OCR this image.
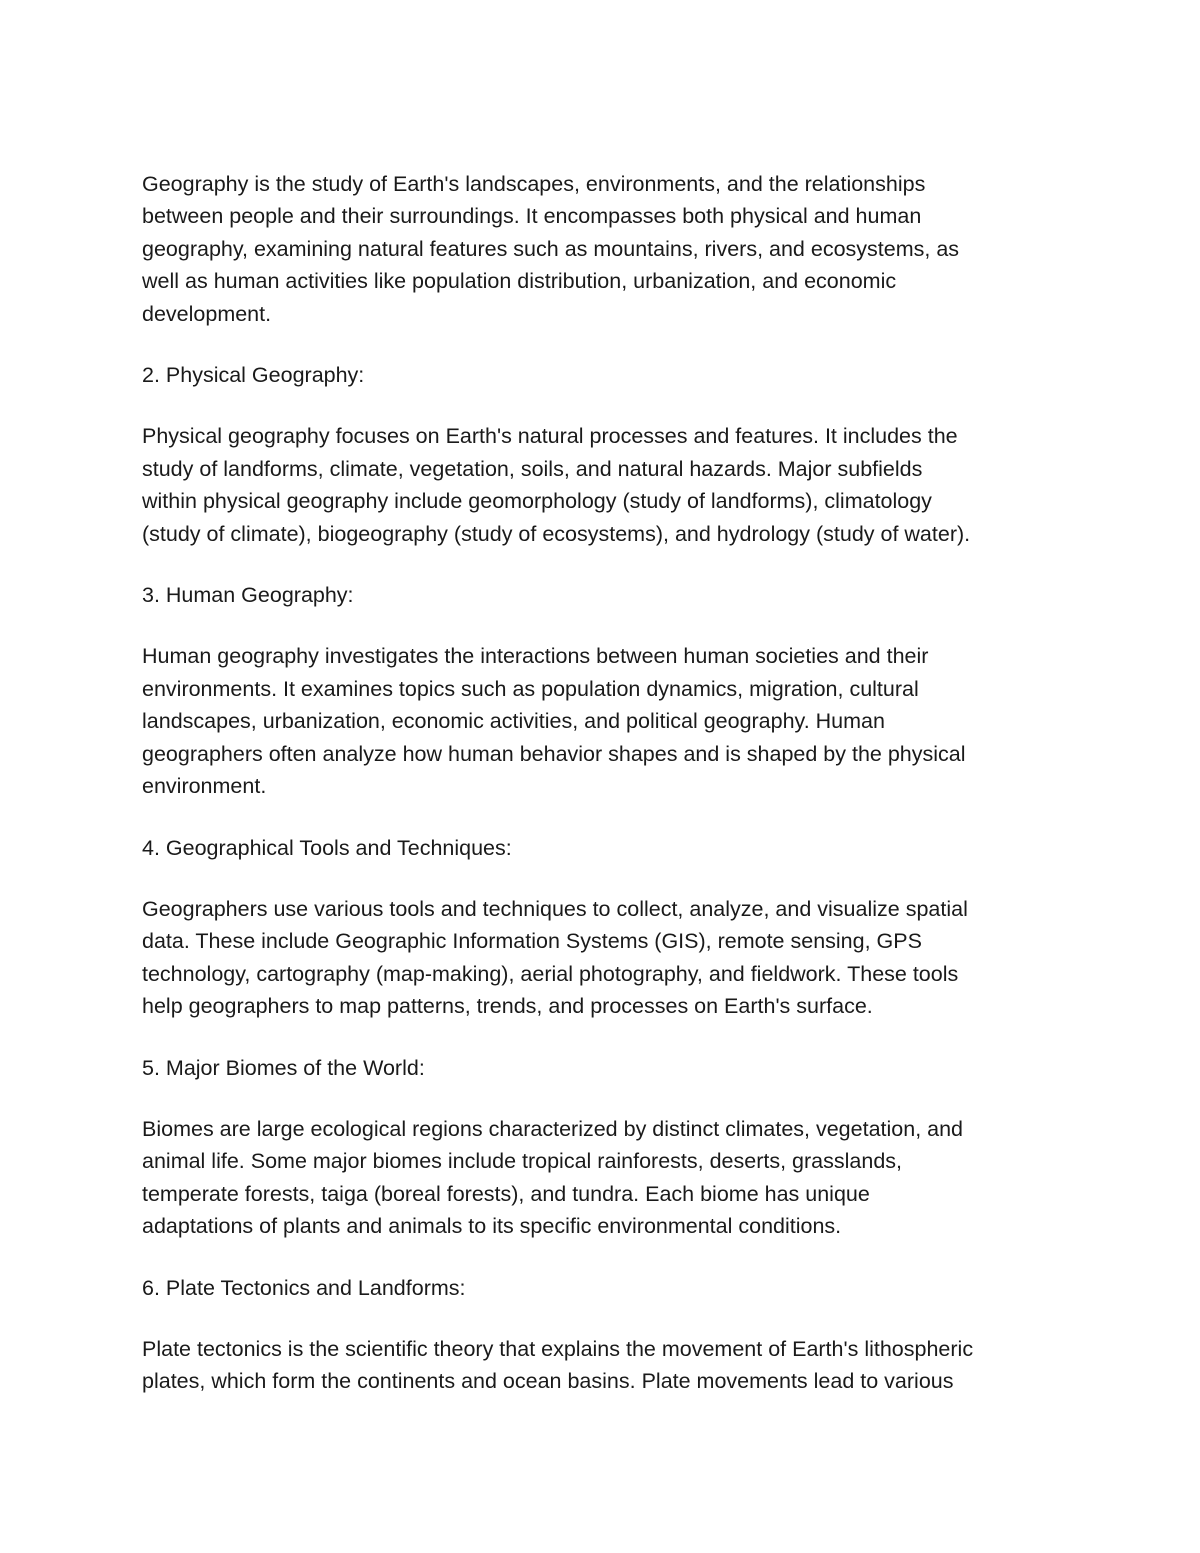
Geography is the study of Earth's landscapes, environments, and the relationships
between people and their surroundings. It encompasses both physical and human
geography, examining natural features such as mountains, rivers, and ecosystems, as
well as human activities like population distribution, urbanization, and economic
development.

2. Physical Geography:

Physical geography focuses on Earth's natural processes and features. It includes the
study of landforms, climate, vegetation, soils, and natural hazards. Major subfields
within physical geography include geomorphology (study of landforms), climatology
(study of climate), biogeography (study of ecosystems), and hydrology (study of water).

3. Human Geography:

Human geography investigates the interactions between human societies and their
environments. It examines topics such as population dynamics, migration, cultural
landscapes, urbanization, economic activities, and political geography. Human
geographers often analyze how human behavior shapes and is shaped by the physical
environment.

4. Geographical Tools and Techniques:

Geographers use various tools and techniques to collect, analyze, and visualize spatial
data. These include Geographic Information Systems (GIS), remote sensing, GPS
technology, cartography (map-making), aerial photography, and fieldwork. These tools
help geographers to map patterns, trends, and processes on Earth's surface.

5. Major Biomes of the World:

Biomes are large ecological regions characterized by distinct climates, vegetation, and
animal life. Some major biomes include tropical rainforests, deserts, grasslands,
temperate forests, taiga (boreal forests), and tundra. Each biome has unique
adaptations of plants and animals to its specific environmental conditions.

6. Plate Tectonics and Landforms:

Plate tectonics is the scientific theory that explains the movement of Earth's lithospheric
plates, which form the continents and ocean basins. Plate movements lead to various
